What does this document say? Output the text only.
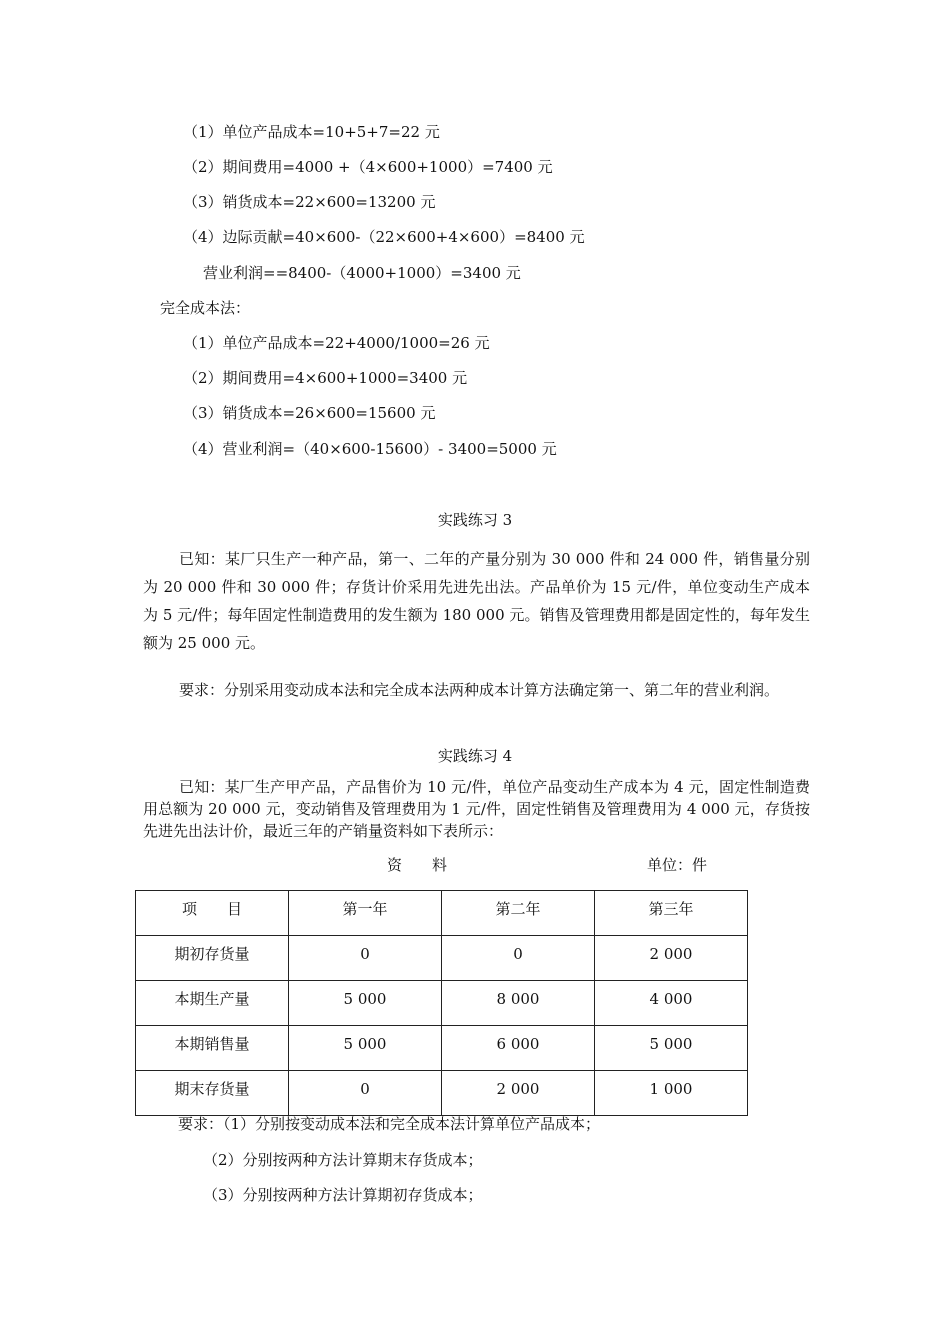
（1）单位产品成本=10+5+7=22 元
（2）期间费用=4000 +（4×600+1000）=7400 元
（3）销货成本=22×600=13200 元
（4）边际贡献=40×600-（22×600+4×600）=8400 元
营业利润==8400-（4000+1000）=3400 元
完全成本法：
（1）单位产品成本=22+4000/1000=26 元
（2）期间费用=4×600+1000=3400 元
（3）销货成本=26×600=15600 元
（4）营业利润=（40×600-15600）- 3400=5000 元
实践练习 3
已知：某厂只生产一种产品，第一、二年的产量分别为 30 000 件和 24 000 件，销售量分别为 20 000 件和 30 000 件；存货计价采用先进先出法。产品单价为 15 元/件，单位变动生产成本为 5 元/件；每年固定性制造费用的发生额为 180 000 元。销售及管理费用都是固定性的，每年发生额为 25 000 元。
要求：分别采用变动成本法和完全成本法两种成本计算方法确定第一、第二年的营业利润。
实践练习 4
已知：某厂生产甲产品，产品售价为 10 元/件，单位产品变动生产成本为 4 元，固定性制造费用总额为 20 000 元，变动销售及管理费用为 1 元/件，固定性销售及管理费用为 4 000 元，存货按先进先出法计价，最近三年的产销量资料如下表所示：
资　　料	单位：件
项　　目	第一年	第二年	第三年

期初存货量	0	0	2 000

本期生产量	5 000	8 000	4 000

本期销售量	5 000	6 000	5 000

期末存货量	0	2 000	1 000
要求：（1）分别按变动成本法和完全成本法计算单位产品成本；
（2）分别按两种方法计算期末存货成本；
（3）分别按两种方法计算期初存货成本；
